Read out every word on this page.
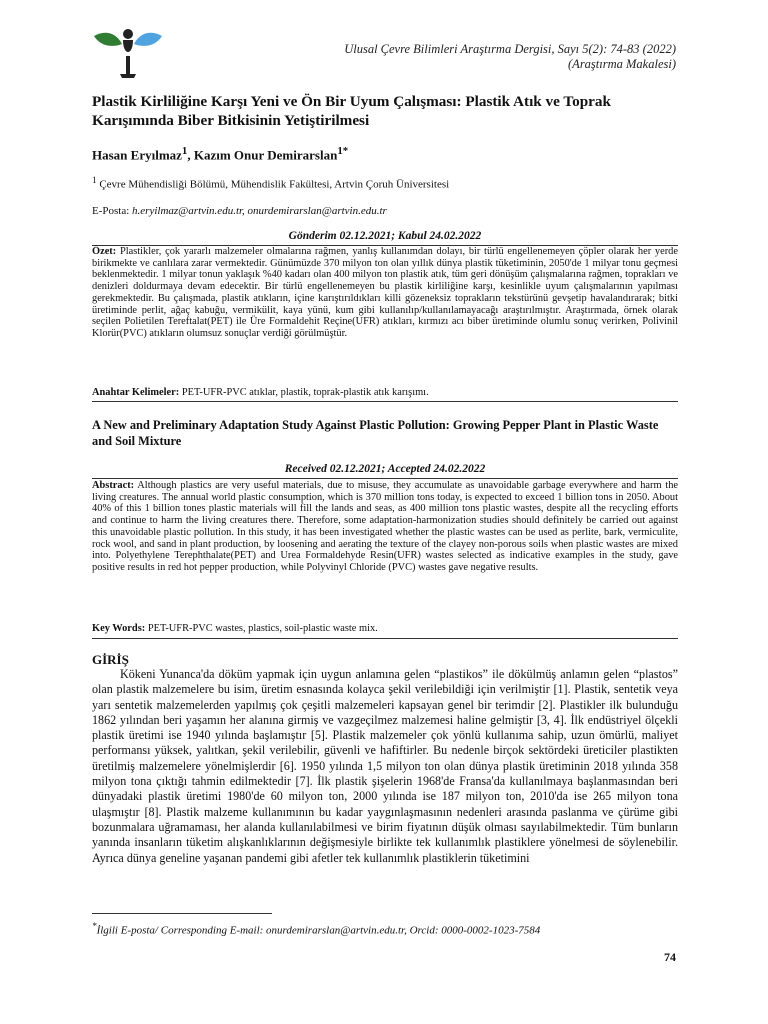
Ulusal Çevre Bilimleri Araştırma Dergisi, Sayı 5(2): 74-83 (2022)
(Araştırma Makalesi)
Plastik Kirliliğine Karşı Yeni ve Ön Bir Uyum Çalışması: Plastik Atık ve Toprak Karışımında Biber Bitkisinin Yetiştirilmesi
Hasan Eryılmaz$^1$, Kazım Onur Demirarslan$^{1*}$
$^1$ Çevre Mühendisliği Bölümü, Mühendislik Fakültesi, Artvin Çoruh Üniversitesi
E-Posta: h.eryilmaz@artvin.edu.tr, onurdemirarslan@artvin.edu.tr
Gönderim 02.12.2021; Kabul 24.02.2022
Özet: Plastikler, çok yararlı malzemeler olmalarına rağmen, yanlış kullanımdan dolayı, bir türlü engellenemeyen çöpler olarak her yerde birikmekte ve canlılara zarar vermektedir. Günümüzde 370 milyon ton olan yıllık dünya plastik tüketiminin, 2050'de 1 milyar tonu geçmesi beklenmektedir. 1 milyar tonun yaklaşık %40 kadarı olan 400 milyon ton plastik atık, tüm geri dönüşüm çalışmalarına rağmen, toprakları ve denizleri doldurmaya devam edecektir. Bir türlü engellenemeyen bu plastik kirliliğine karşı, kesinlikle uyum çalışmalarının yapılması gerekmektedir. Bu çalışmada, plastik atıkların, içine karıştırıldıkları killi gözeneksiz toprakların tekstürünü gevşetip havalandırarak; bitki üretiminde perlit, ağaç kabuğu, vermikülit, kaya yünü, kum gibi kullanılıp/kullanılamayacağı araştırılmıştır. Araştırmada, örnek olarak seçilen Polietilen Tereftalat(PET) ile Üre Formaldehit Reçine(UFR) atıkları, kırmızı acı biber üretiminde olumlu sonuç verirken, Polivinil Klorür(PVC) atıkların olumsuz sonuçlar verdiği görülmüştür.
Anahtar Kelimeler: PET-UFR-PVC atıklar, plastik, toprak-plastik atık karışımı.
A New and Preliminary Adaptation Study Against Plastic Pollution: Growing Pepper Plant in Plastic Waste and Soil Mixture
Received 02.12.2021; Accepted 24.02.2022
Abstract: Although plastics are very useful materials, due to misuse, they accumulate as unavoidable garbage everywhere and harm the living creatures. The annual world plastic consumption, which is 370 million tons today, is expected to exceed 1 billion tons in 2050. About 40% of this 1 billion tones plastic materials will fill the lands and seas, as 400 million tons plastic wastes, despite all the recycling efforts and continue to harm the living creatures there. Therefore, some adaptation-harmonization studies should definitely be carried out against this unavoidable plastic pollution. In this study, it has been investigated whether the plastic wastes can be used as perlite, bark, vermiculite, rock wool, and sand in plant production, by loosening and aerating the texture of the clayey non-porous soils when plastic wastes are mixed into. Polyethylene Terephthalate(PET) and Urea Formaldehyde Resin(UFR) wastes selected as indicative examples in the study, gave positive results in red hot pepper production, while Polyvinyl Chloride (PVC) wastes gave negative results.
Key Words: PET-UFR-PVC wastes, plastics, soil-plastic waste mix.
GİRİŞ

Kökeni Yunanca'da döküm yapmak için uygun anlamına gelen “plastikos” ile dökülmüş anlamın gelen “plastos” olan plastik malzemelere bu isim, üretim esnasında kolayca şekil verilebildiği için verilmiştir [1]. Plastik, sentetik veya yarı sentetik malzemelerden yapılmış çok çeşitli malzemeleri kapsayan genel bir terimdir [2]. Plastikler ilk bulunduğu 1862 yılından beri yaşamın her alanına girmiş ve vazgeçilmez malzemesi haline gelmiştir [3, 4]. İlk endüstriyel ölçekli plastik üretimi ise 1940 yılında başlamıştır [5]. Plastik malzemeler çok yönlü kullanıma sahip, uzun ömürlü, maliyet performansı yüksek, yalıtkan, şekil verilebilir, güvenli ve hafiftirler. Bu nedenle birçok sektördeki üreticiler plastikten üretilmiş malzemelere yönelmişlerdir [6]. 1950 yılında 1,5 milyon ton olan dünya plastik üretiminin 2018 yılında 358 milyon tona çıktığı tahmin edilmektedir [7]. İlk plastik şişelerin 1968'de Fransa'da kullanılmaya başlanmasından beri dünyadaki plastik üretimi 1980'de 60 milyon ton, 2000 yılında ise 187 milyon ton, 2010'da ise 265 milyon tona ulaşmıştır [8]. Plastik malzeme kullanımının bu kadar yaygınlaşmasının nedenleri arasında paslanma ve çürüme gibi bozunmalara uğramaması, her alanda kullanılabilmesi ve birim fiyatının düşük olması sayılabilmektedir. Tüm bunların yanında insanların tüketim alışkanlıklarının değişmesiyle birlikte tek kullanımlık plastiklere yönelmesi de söylenebilir. Ayrıca dünya geneline yaşanan pandemi gibi afetler tek kullanımlık plastiklerin tüketimini

*İlgili E-posta/ Corresponding E-mail: onurdemirarslan@artvin.edu.tr, Orcid: 0000-0002-1023-7584
74
